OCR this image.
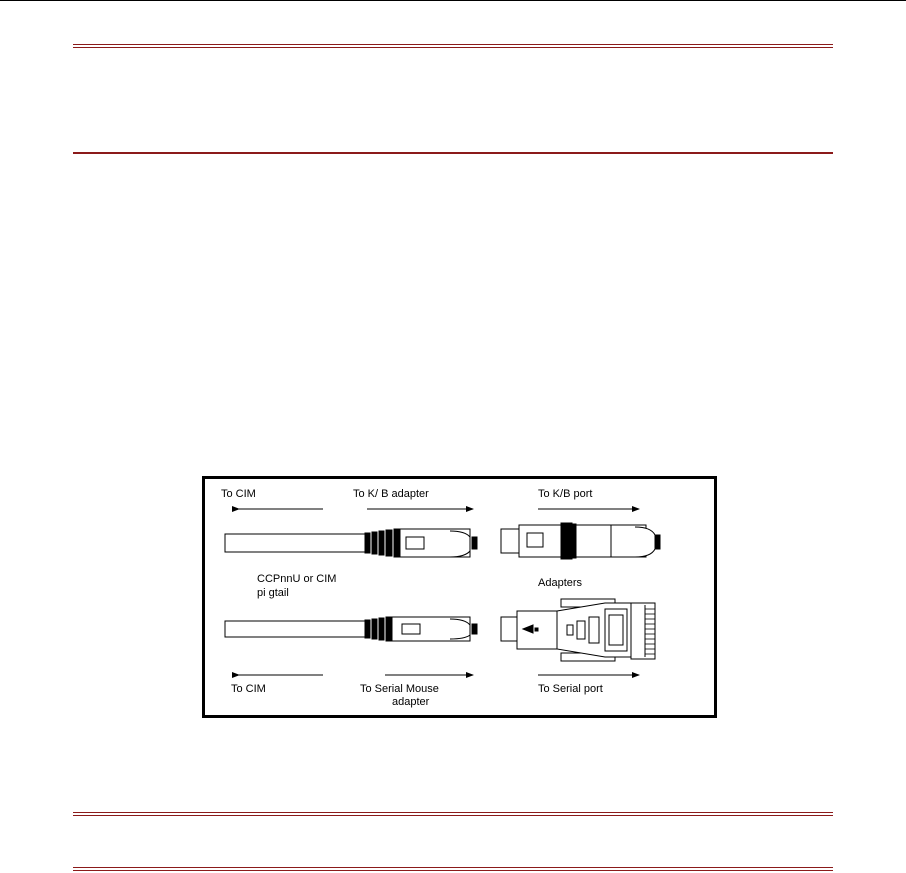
To CIM	To K/ B adapter	To K/B port
CCPnnU or CIM
pi gtail
Adapters
To CIM	To Serial Mouse
adapter
To Serial port
